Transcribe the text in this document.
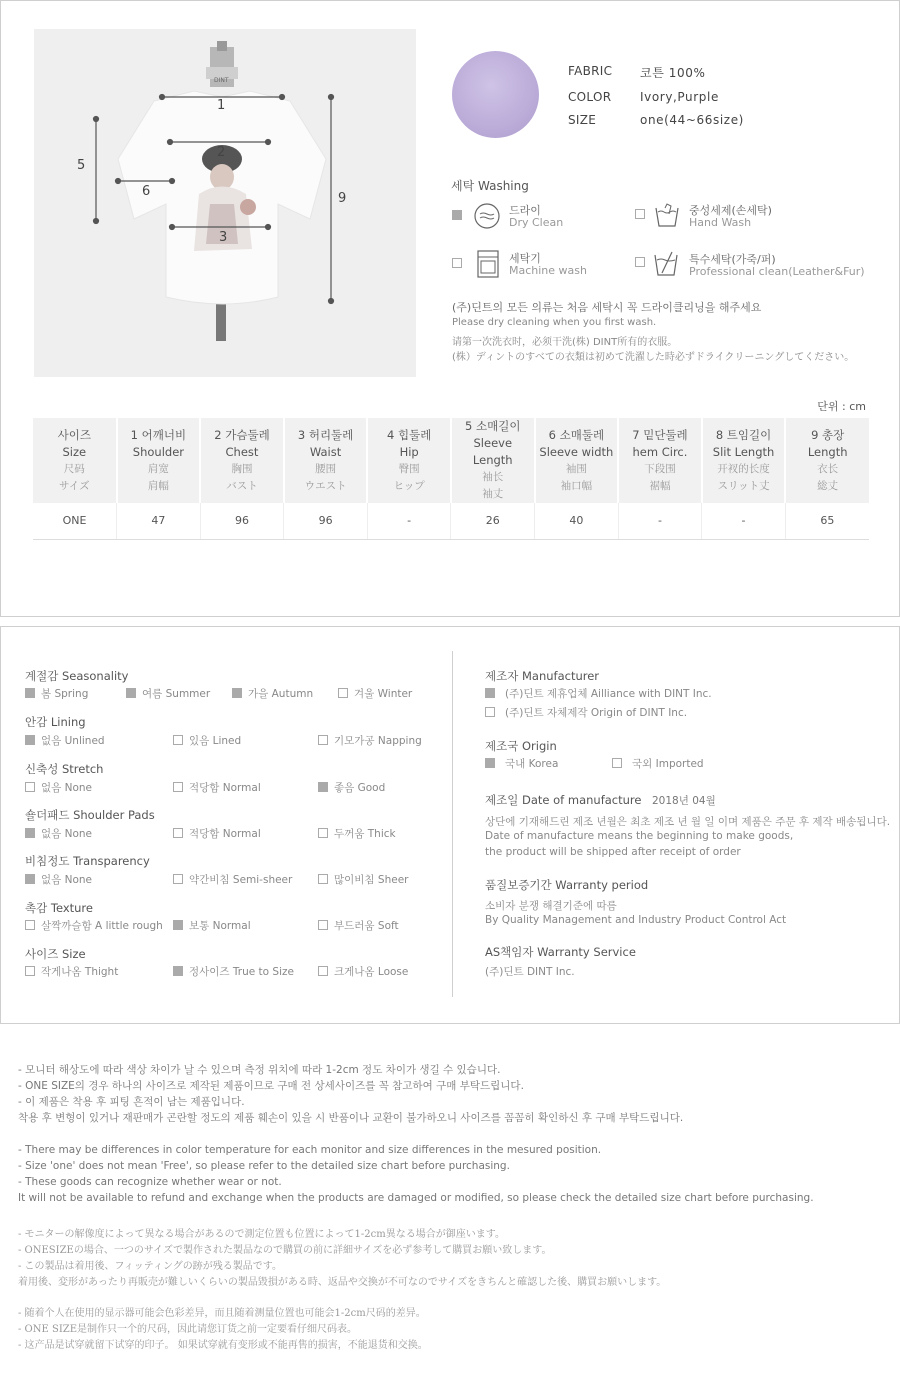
1
2
3
5
6	9
DINT
FABRIC 코튼 100%
COLOR Ivory,Purple
SIZE	one(44~66size)
세탁 Washing
드라이
Dry Clean
중성세제(손세탁)
Hand Wash
세탁기
Machine wash
특수세탁(가죽/퍼)
Professional clean(Leather&Fur)
(주)딘트의 모든 의류는 처음 세탁시 꼭 드라이클리닝을 해주세요
Please dry cleaning when you first wash.
请第一次洗衣时，必须干洗(株) DINT所有的衣服。
(株）ディントのすべての衣類は初めて洗濯した時必ずドライクリーニングしてください。
단위 : cm
사이즈
Size
尺码
サイズ	1 어깨너비
Shoulder
肩宽
肩幅	2 가슴둘레
Chest
胸围
バスト	3 허리둘레
Waist
腰围
ウエスト	4 힙둘레
Hip
臀围
ヒップ	5 소매길이
Sleeve Length
袖长
袖丈	6 소매둘레
Sleeve width
袖围
袖口幅	7 밑단둘레
hem Circ.
下段围
裾幅	8 트임길이
Slit Length
开衩的长度
スリット丈	9 총장
Length
衣长
総丈

ONE	47	96	96	-	26	40	-	-	65
계절감 Seasonality
봄 Spring	여름 Summer	가을 Autumn	겨울 Winter
안감 Lining
없음 Unlined	있음 Lined	기모가공 Napping
신축성 Stretch
없음 None	적당함 Normal	좋음 Good
숄더패드 Shoulder Pads
없음 None	적당함 Normal	두꺼움 Thick
비침정도 Transparency
없음 None	약간비침 Semi-sheer	많이비침 Sheer
촉감 Texture
살짝까슬함 A little rough	보통 Normal	부드러움 Soft
사이즈 Size
작게나옴 Thight	정사이즈 True to Size	크게나옴 Loose
제조자 Manufacturer
(주)딘트 제휴업체 Ailliance with DINT Inc.
(주)딘트 자체제작 Origin of DINT Inc.
제조국 Origin
국내 Korea	국외 Imported
제조일 Date of manufacture 2018년 04월
상단에 기재해드린 제조 년월은 최초 제조 년 월 일 이며 제품은 주문 후 제작 배송됩니다.
Date of manufacture means the beginning to make goods,
the product will be shipped after receipt of order
품질보증기간 Warranty period
소비자 분쟁 해결기준에 따름
By Quality Management and Industry Product Control Act
AS책임자 Warranty Service
(주)딘트 DINT Inc.
- 모니터 해상도에 따라 색상 차이가 날 수 있으며 측정 위치에 따라 1-2cm 정도 차이가 생길 수 있습니다.
- ONE SIZE의 경우 하나의 사이즈로 제작된 제품이므로 구매 전 상세사이즈를 꼭 참고하여 구매 부탁드립니다.
- 이 제품은 착용 후 피팅 흔적이 남는 제품입니다.
착용 후 변형이 있거나 재판매가 곤란할 정도의 제품 훼손이 있을 시 반품이나 교환이 불가하오니 사이즈를 꼼꼼히 확인하신 후 구매 부탁드립니다.
- There may be differences in color temperature for each monitor and size differences in the mesured position.
- Size 'one' does not mean 'Free', so please refer to the detailed size chart before purchasing.
- These goods can recognize whether wear or not.
It will not be available to refund and exchange when the products are damaged or modified, so please check the detailed size chart before purchasing.
- モニターの解像度によって異なる場合があるので測定位置も位置によって1-2cm異なる場合が御座います。
- ONESIZEの場合、一つのサイズで製作された製品なので購買の前に詳細サイズを必ず参考して購買お願い致します。
- この製品は着用後、フィッティングの跡が残る製品です。
着用後、変形があったり再販売が難しいくらいの製品毀損がある時、返品や交換が不可なのでサイズをきちんと確認した後、購買お願いします。
- 随着个人在使用的显示器可能会色彩差异，而且随着测量位置也可能会1-2cm尺码的差异。
- ONE SIZE是制作只一个的尺码，因此请您订货之前一定要看仔细尺码表。
- 这产品是试穿就留下试穿的印子。 如果试穿就有变形或不能再售的损害，不能退货和交换。
